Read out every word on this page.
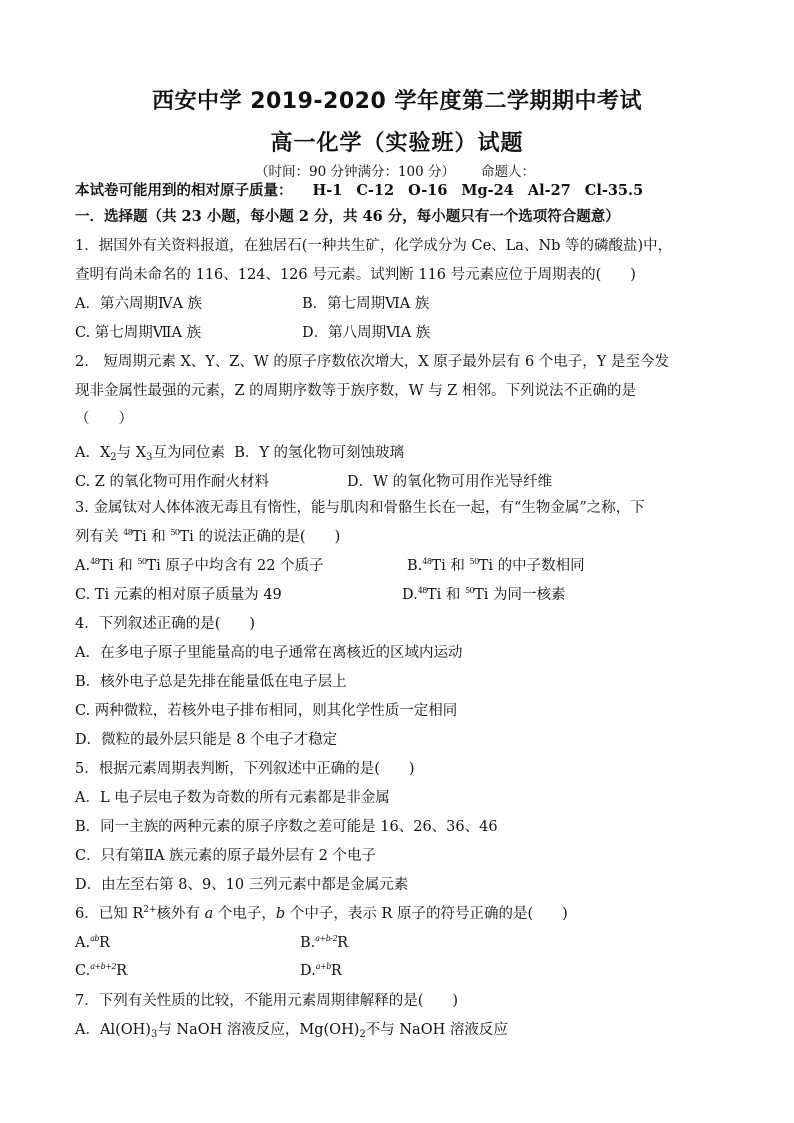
西安中学 2019-2020 学年度第二学期期中考试
高一化学（实验班）试题
（时间：90 分钟满分：100 分） 命题人：
本试卷可能用到的相对原子质量： H-1 C-12 O-16 Mg-24 Al-27 Cl-35.5
一．选择题（共 23 小题，每小题 2 分，共 46 分，每小题只有一个选项符合题意）
1．据国外有关资料报道，在独居石(一种共生矿，化学成分为 Ce、La、Nb 等的磷酸盐)中，
查明有尚未命名的 116、124、126 号元素。试判断 116 号元素应位于周期表的(　　)
A．第六周期ⅣA 族	B．第七周期ⅥA 族
C. 第七周期ⅦA 族	D．第八周期ⅥA 族
2.　短周期元素 X、Y、Z、W 的原子序数依次增大，X 原子最外层有 6 个电子，Y 是至今发
现非金属性最强的元素，Z 的周期序数等于族序数，W 与 Z 相邻。下列说法不正确的是
（　　）
A．$X_2$与 $X_3$互为同位素 B．Y 的氢化物可刻蚀玻璃
C. Z 的氧化物可用作耐火材料	D．W 的氧化物可用作光导纤维
3. 金属钛对人体体液无毒且有惰性，能与肌肉和骨骼生长在一起，有“生物金属”之称，下
列有关 $^{48}$Ti 和 $^{50}$Ti 的说法正确的是(　　)
A.$^{48}$Ti 和 $^{50}$Ti 原子中均含有 22 个质子	B.$^{48}$Ti 和 $^{50}$Ti 的中子数相同
C. Ti 元素的相对原子质量为 49	D.$^{48}$Ti 和 $^{50}$Ti 为同一核素
4．下列叙述正确的是(　　)
A．在多电子原子里能量高的电子通常在离核近的区域内运动
B．核外电子总是先排在能量低在电子层上
C. 两种微粒，若核外电子排布相同，则其化学性质一定相同
D．微粒的最外层只能是 8 个电子才稳定
5．根据元素周期表判断，下列叙述中正确的是(　　)
A．L 电子层电子数为奇数的所有元素都是非金属
B．同一主族的两种元素的原子序数之差可能是 16、26、36、46
C．只有第ⅡA 族元素的原子最外层有 2 个电子
D．由左至右第 8、9、10 三列元素中都是金属元素
6．已知 $R^{2+}$核外有 a 个电子，b 个中子，表示 R 原子的符号正确的是(　　)
A.$^{ab}$R	B.$^{a+b-2}$R
C.$^{a+b+2}$R	D.$^{a+b}$R
7．下列有关性质的比较，不能用元素周期律解释的是(　　)
A．$Al(OH)_3$与 NaOH 溶液反应，$Mg(OH)_2$不与 NaOH 溶液反应
